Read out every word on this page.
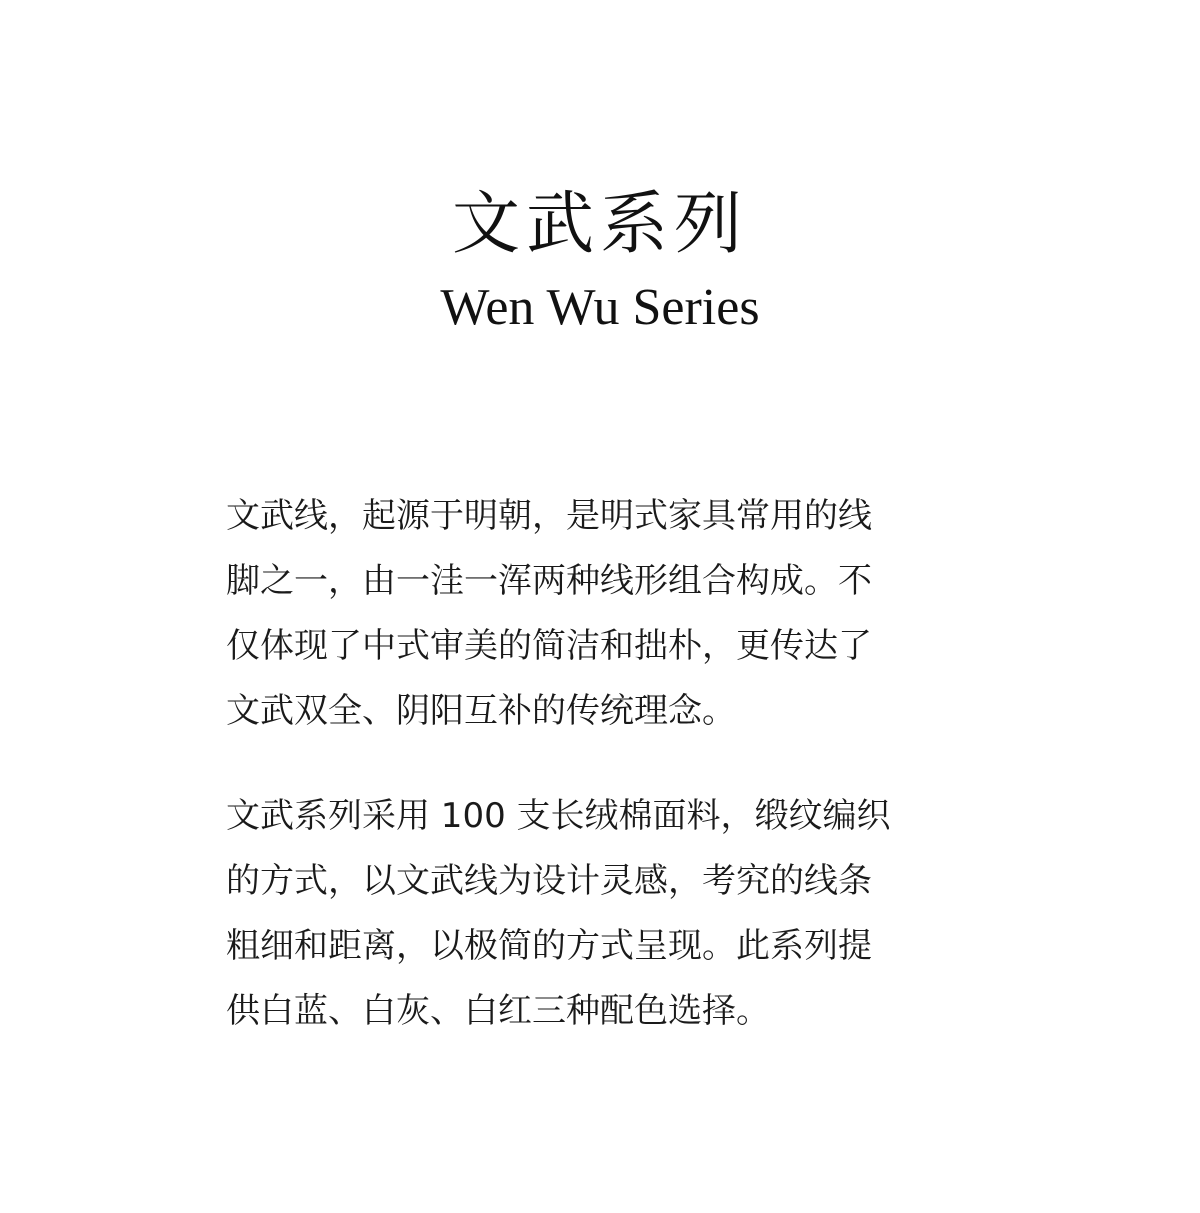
文武系列
Wen Wu Series

文武线，起源于明朝，是明式家具常用的线
脚之一，由一洼一浑两种线形组合构成。不
仅体现了中式审美的简洁和拙朴，更传达了
文武双全、阴阳互补的传统理念。

文武系列采用 100 支长绒棉面料，缎纹编织
的方式，以文武线为设计灵感，考究的线条
粗细和距离，以极简的方式呈现。此系列提
供白蓝、白灰、白红三种配色选择。
